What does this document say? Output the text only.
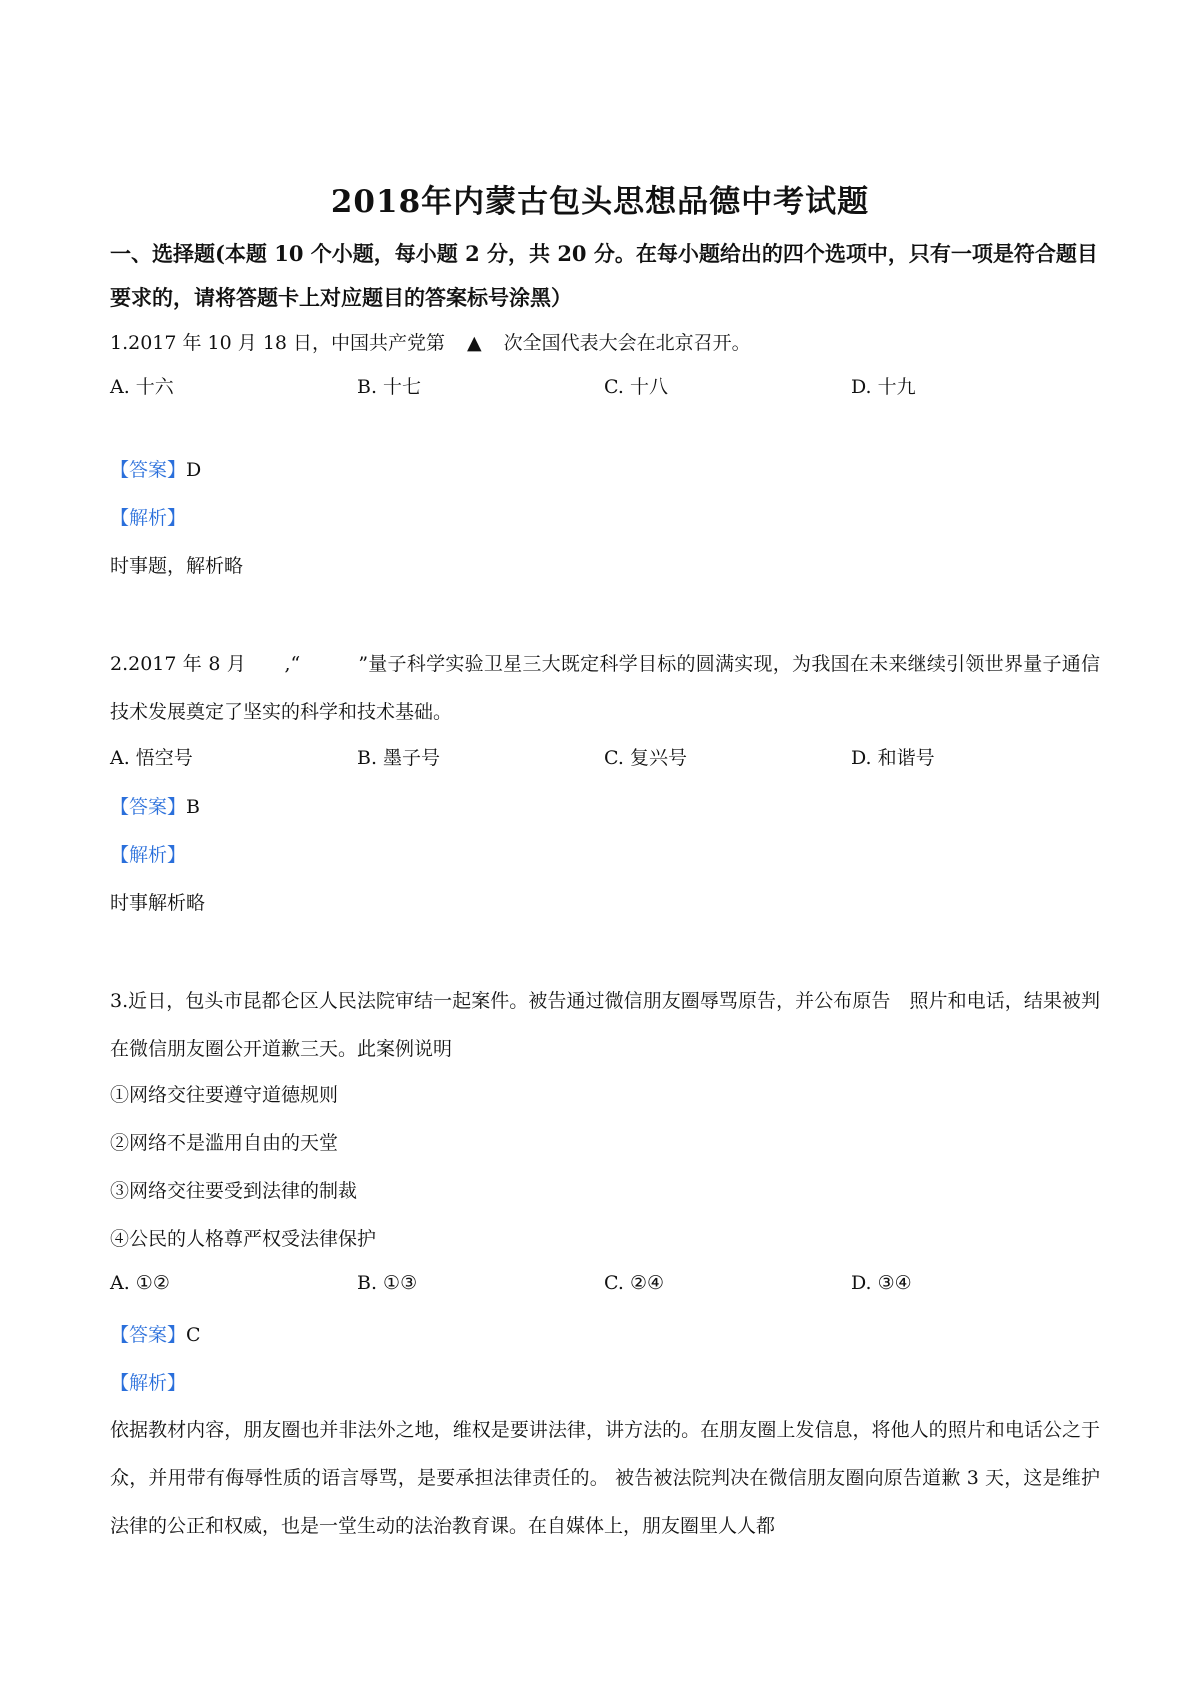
2018年内蒙古包头思想品德中考试题
一、选择题(本题 10 个小题，每小题 2 分，共 20 分。在每小题给出的四个选项中，只有一项是符合题目要求的，请将答题卡上对应题目的答案标号涂黑）
1.2017 年 10 月 18 日，中国共产党第 ▲ 次全国代表大会在北京召开。
A. 十六	B. 十七	C. 十八	D. 十九
【答案】D
【解析】
时事题，解析略
2.2017 年 8 月　　,“　　　”量子科学实验卫星三大既定科学目标的圆满实现，为我国在未来继续引领世界量子通信技术发展奠定了坚实的科学和技术基础。
A. 悟空号	B. 墨子号	C. 复兴号	D. 和谐号
【答案】B
【解析】
时事解析略
3.近日，包头市昆都仑区人民法院审结一起案件。被告通过微信朋友圈辱骂原告，并公布原告　照片和电话，结果被判在微信朋友圈公开道歉三天。此案例说明
①网络交往要遵守道德规则
②网络不是滥用自由的天堂
③网络交往要受到法律的制裁
④公民的人格尊严权受法律保护
A. ①②	B. ①③	C. ②④	D. ③④
【答案】C
【解析】
依据教材内容，朋友圈也并非法外之地，维权是要讲法律，讲方法的。在朋友圈上发信息，将他人的照片和电话公之于众，并用带有侮辱性质的语言辱骂，是要承担法律责任的。 被告被法院判决在微信朋友圈向原告道歉 3 天，这是维护法律的公正和权威，也是一堂生动的法治教育课。在自媒体上，朋友圈里人人都
